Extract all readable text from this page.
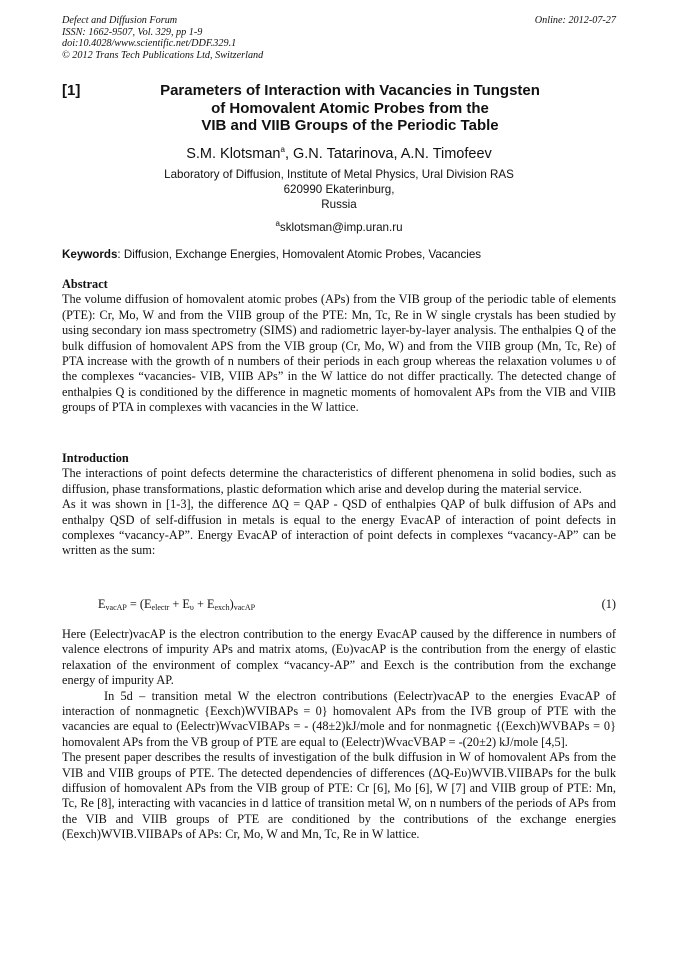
Defect and Diffusion Forum
ISSN: 1662-9507, Vol. 329, pp 1-9
doi:10.4028/www.scientific.net/DDF.329.1
© 2012 Trans Tech Publications Ltd, Switzerland
Online: 2012-07-27
[1]	Parameters of Interaction with Vacancies in Tungsten
of Homovalent Atomic Probes from the
VIB and VIIB Groups of the Periodic Table
S.M. Klotsman$^a$, G.N. Tatarinova, A.N. Timofeev
Laboratory of Diffusion, Institute of Metal Physics, Ural Division RAS
620990 Ekaterinburg,
Russia
$^a$sklotsman@imp.uran.ru
Keywords: Diffusion, Exchange Energies, Homovalent Atomic Probes, Vacancies

Abstract

The volume diffusion of homovalent atomic probes (APs) from the VIB group of the periodic table of elements (PTE): Cr, Mo, W and from the VIIB group of the PTE: Mn, Tc, Re in W single crystals has been studied by using secondary ion mass spectrometry (SIMS) and radiometric layer-by-layer analysis. The enthalpies Q of the bulk diffusion of homovalent APS from the VIB group (Cr, Mo, W) and from the VIIB group (Mn, Tc, Re) of PTA increase with the growth of n numbers of their periods in each group whereas the relaxation volumes υ of the complexes “vacancies- VIB, VIIB APs” in the W lattice do not differ practically. The detected change of enthalpies Q is conditioned by the difference in magnetic moments of homovalent APs from the VIB and VIIB groups of PTA in complexes with vacancies in the W lattice.

Introduction

The interactions of point defects determine the characteristics of different phenomena in solid bodies, such as diffusion, phase transformations, plastic deformation which arise and develop during the material service.

As it was shown in [1-3], the difference ΔQ = QAP - QSD of enthalpies QAP of bulk diffusion of APs and enthalpy QSD of self-diffusion in metals is equal to the energy EvacAP of interaction of point defects in complexes “vacancy-AP”. Energy EvacAP of interaction of point defects in complexes “vacancy-AP” can be written as the sum:

$E_{vacAP} = (E_{electr} + E_\upsilon + E_{exch})_{vacAP}$	(1)

Here (Eelectr)vacAP is the electron contribution to the energy EvacAP caused by the difference in numbers of valence electrons of impurity APs and matrix atoms, (Eυ)vacAP is the contribution from the energy of elastic relaxation of the environment of complex “vacancy-AP” and Eexch is the contribution from the exchange energy of impurity AP.

In 5d – transition metal W the electron contributions (Eelectr)vacAP to the energies EvacAP of interaction of nonmagnetic {Eexch)WVIBAPs = 0} homovalent APs from the IVB group of PTE with the vacancies are equal to (Eelectr)WvacVIBAPs = - (48±2)kJ/mole and for nonmagnetic {(Eexch)WVBAPs = 0} homovalent APs from the VB group of PTE are equal to (Eelectr)WvacVBAP = -(20±2) kJ/mole [4,5].

The present paper describes the results of investigation of the bulk diffusion in W of homovalent APs from the VIB and VIIB groups of PTE. The detected dependencies of differences (ΔQ-Eυ)WVIB.VIIBAPs for the bulk diffusion of homovalent APs from the VIB group of PTE: Cr [6], Mo [6], W [7] and VIIB group of PTE: Mn, Tc, Re [8], interacting with vacancies in d lattice of transition metal W, on n numbers of the periods of APs from the VIB and VIIB groups of PTE are conditioned by the contributions of the exchange energies (Eexch)WVIB.VIIBAPs of APs: Cr, Mo, W and Mn, Tc, Re in W lattice.
